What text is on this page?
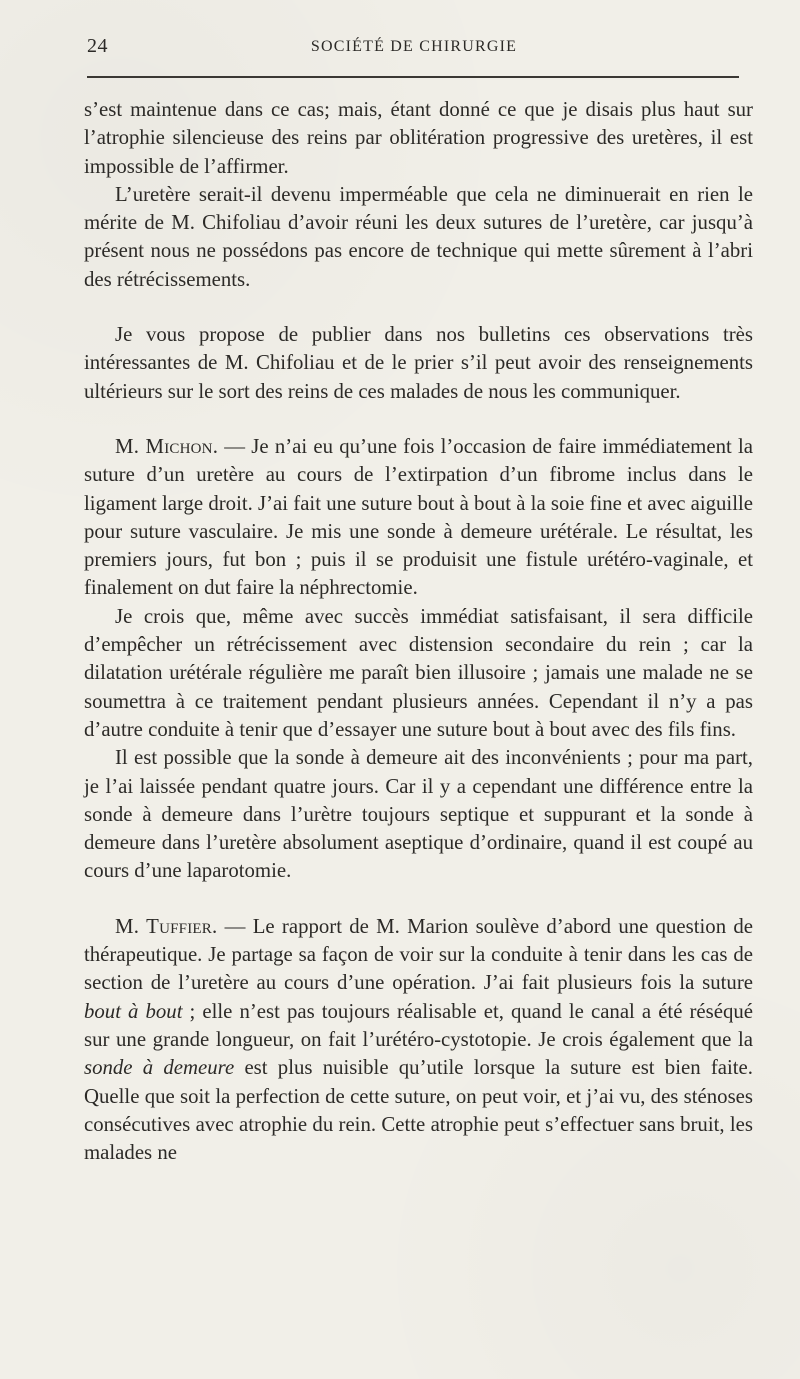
24	SOCIÉTÉ DE CHIRURGIE

s’est maintenue dans ce cas; mais, étant donné ce que je disais plus haut sur l’atrophie silencieuse des reins par oblitération progressive des uretères, il est impossible de l’affirmer.

L’uretère serait-il devenu imperméable que cela ne diminuerait en rien le mérite de M. Chifoliau d’avoir réuni les deux sutures de l’uretère, car jusqu’à présent nous ne possédons pas encore de technique qui mette sûrement à l’abri des rétrécissements.

Je vous propose de publier dans nos bulletins ces observations très intéressantes de M. Chifoliau et de le prier s’il peut avoir des renseignements ultérieurs sur le sort des reins de ces malades de nous les communiquer.

M. Michon. — Je n’ai eu qu’une fois l’occasion de faire immédiatement la suture d’un uretère au cours de l’extirpation d’un fibrome inclus dans le ligament large droit. J’ai fait une suture bout à bout à la soie fine et avec aiguille pour suture vasculaire. Je mis une sonde à demeure urétérale. Le résultat, les premiers jours, fut bon ; puis il se produisit une fistule urétéro-vaginale, et finalement on dut faire la néphrectomie.

Je crois que, même avec succès immédiat satisfaisant, il sera difficile d’empêcher un rétrécissement avec distension secondaire du rein ; car la dilatation urétérale régulière me paraît bien illusoire ; jamais une malade ne se soumettra à ce traitement pendant plusieurs années. Cependant il n’y a pas d’autre conduite à tenir que d’essayer une suture bout à bout avec des fils fins.

Il est possible que la sonde à demeure ait des inconvénients ; pour ma part, je l’ai laissée pendant quatre jours. Car il y a cependant une différence entre la sonde à demeure dans l’urètre toujours septique et suppurant et la sonde à demeure dans l’uretère absolument aseptique d’ordinaire, quand il est coupé au cours d’une laparotomie.

M. Tuffier. — Le rapport de M. Marion soulève d’abord une question de thérapeutique. Je partage sa façon de voir sur la conduite à tenir dans les cas de section de l’uretère au cours d’une opération. J’ai fait plusieurs fois la suture bout à bout ; elle n’est pas toujours réalisable et, quand le canal a été réséqué sur une grande longueur, on fait l’urétéro-cystotopie. Je crois également que la sonde à demeure est plus nuisible qu’utile lorsque la suture est bien faite. Quelle que soit la perfection de cette suture, on peut voir, et j’ai vu, des sténoses consécutives avec atrophie du rein. Cette atrophie peut s’effectuer sans bruit, les malades ne
